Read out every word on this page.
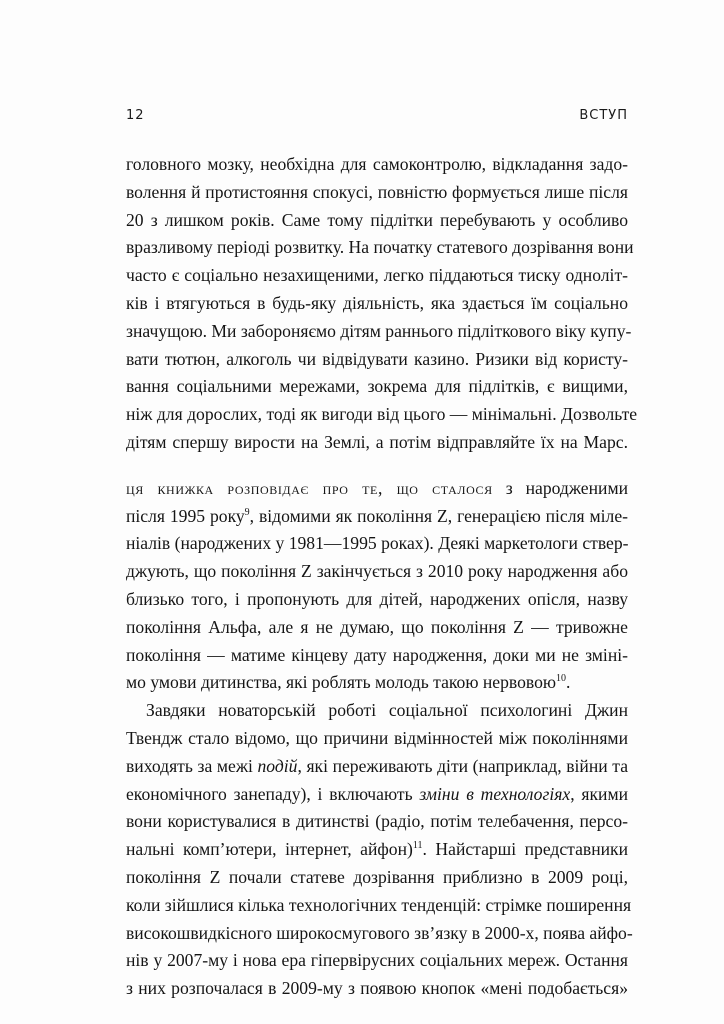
12	ВСТУП
головного мозку, необхідна для самоконтролю, відкладання задо-
волення й протистояння спокусі, повністю формується лише після
20 з лишком років. Саме тому підлітки перебувають у особливо
вразливому періоді розвитку. На початку статевого дозрівання вони
часто є соціально незахищеними, легко піддаються тиску одноліт-
ків і втягуються в будь-яку діяльність, яка здається їм соціально
значущою. Ми забороняємо дітям раннього підліткового віку купу-
вати тютюн, алкоголь чи відвідувати казино. Ризики від користу-
вання соціальними мережами, зокрема для підлітків, є вищими,
ніж для дорослих, тоді як вигоди від цього — мінімальні. Дозвольте
дітям спершу вирости на Землі, а потім відправляйте їх на Марс.
ця книжка розповідає про те, що сталося з народженими
після 1995 року$^9$, відомими як покоління Z, генерацією після міле-
ніалів (народжених у 1981—1995 роках). Деякі маркетологи ствер-
джують, що покоління Z закінчується з 2010 року народження або
близько того, і пропонують для дітей, народжених опісля, назву
покоління Альфа, але я не думаю, що покоління Z — тривожне
покоління — матиме кінцеву дату народження, доки ми не зміні-
мо умови дитинства, які роблять молодь такою нервовою$^{10}$.
Завдяки новаторській роботі соціальної психологині Джин
Твендж стало відомо, що причини відмінностей між поколіннями
виходять за межі подій, які переживають діти (наприклад, війни та
економічного занепаду), і включають зміни в технологіях, якими
вони користувалися в дитинстві (радіо, потім телебачення, персо-
нальні комп’ютери, інтернет, айфон)$^{11}$. Найстарші представники
покоління Z почали статеве дозрівання приблизно в 2009 році,
коли зійшлися кілька технологічних тенденцій: стрімке поширення
високошвидкісного широкосмугового зв’язку в 2000-х, поява айфо-
нів у 2007-му і нова ера гіпервірусних соціальних мереж. Остання
з них розпочалася в 2009-му з появою кнопок «мені подобається»
